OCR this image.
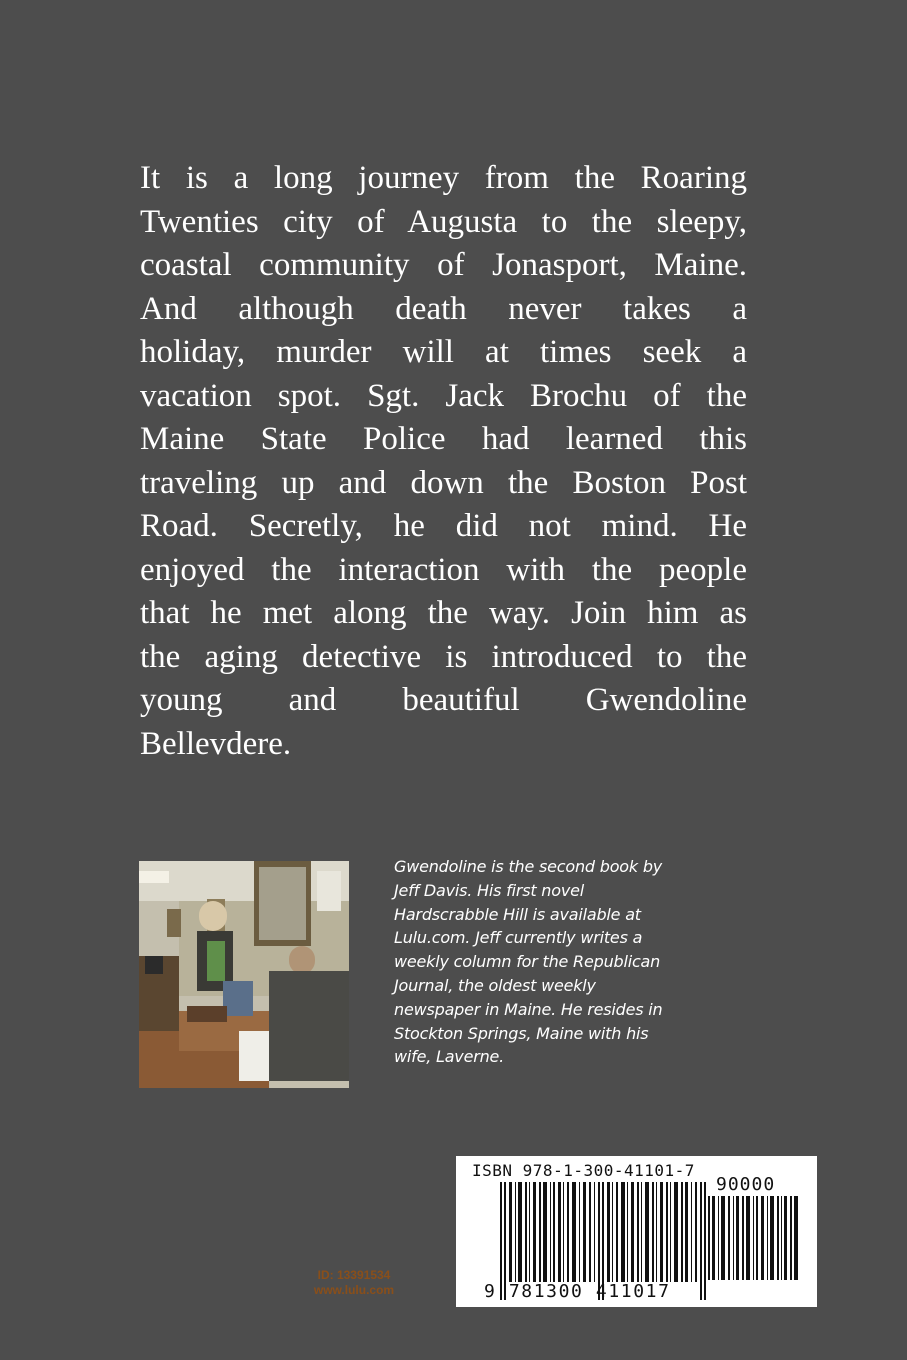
It is a long journey from the Roaring
Twenties city of Augusta to the sleepy,
coastal community of Jonasport, Maine.
And although death never takes a
holiday, murder will at times seek a
vacation spot. Sgt. Jack Brochu of the
Maine State Police had learned this
traveling up and down the Boston Post
Road. Secretly, he did not mind. He
enjoyed the interaction with the people
that he met along the way. Join him as
the aging detective is introduced to the
young and beautiful Gwendoline
Bellevdere.
Gwendoline is the second book by
Jeff Davis. His first novel
Hardscrabble Hill is available at
Lulu.com. Jeff currently writes a
weekly column for the Republican
Journal, the oldest weekly
newspaper in Maine. He resides in
Stockton Springs, Maine with his
wife, Laverne.
ID: 13391534
www.lulu.com
ISBN 978-1-300-41101-7
90000
9 781300 411017
